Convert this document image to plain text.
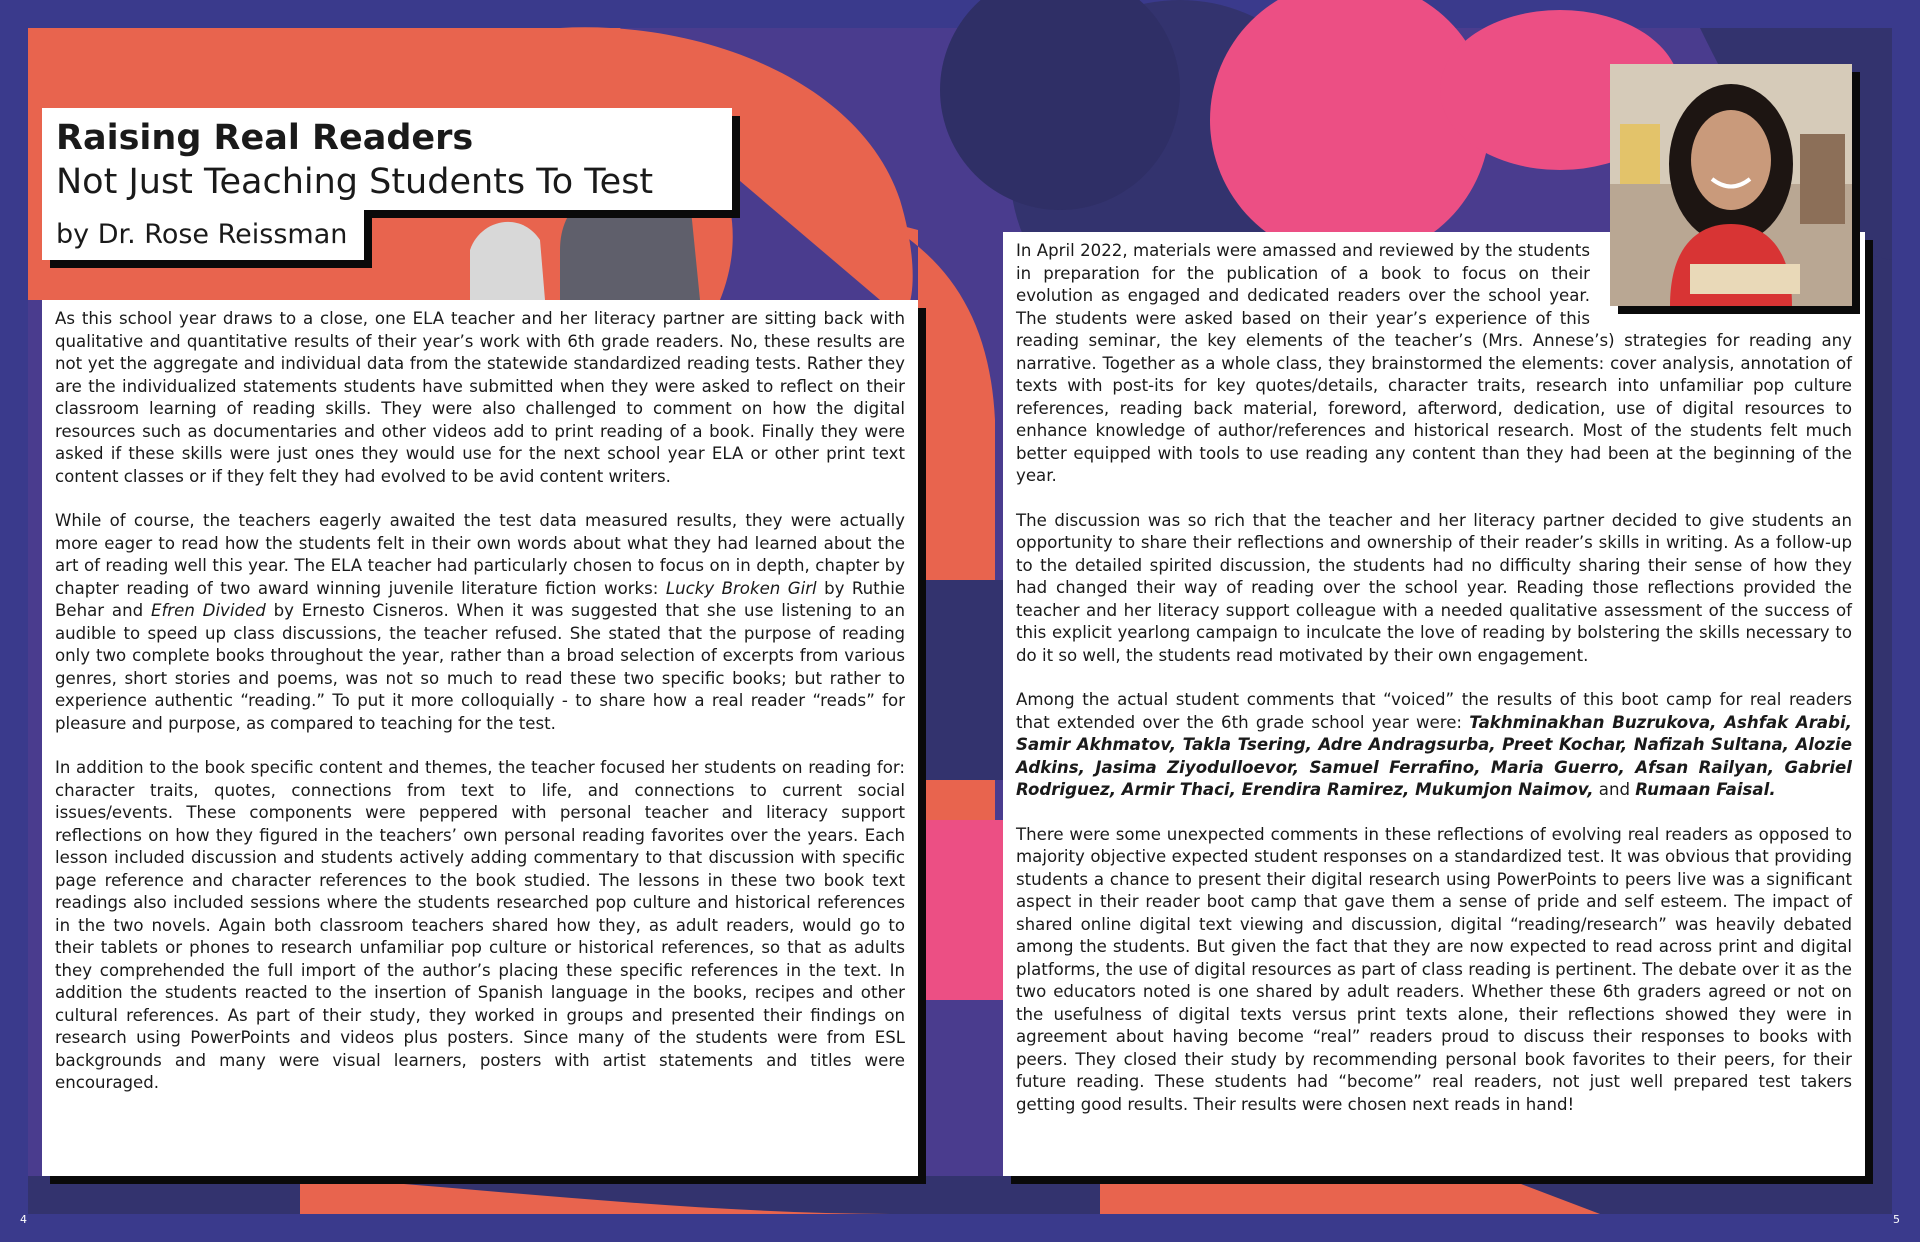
Raising Real Readers
Not Just Teaching Students To Test
by Dr. Rose Reissman

As this school year draws to a close, one ELA teacher and her literacy partner are sitting back with qualitative and quantitative results of their year’s work with 6th grade readers. No, these results are not yet the aggregate and individual data from the statewide standardized reading tests. Rather they are the individualized statements students have submitted when they were asked to reflect on their classroom learning of reading skills. They were also challenged to comment on how the digital resources such as documentaries and other videos add to print reading of a book. Finally they were asked if these skills were just ones they would use for the next school year ELA or other print text content classes or if they felt they had evolved to be avid content writers.

While of course, the teachers eagerly awaited the test data measured results, they were actually more eager to read how the students felt in their own words about what they had learned about the art of reading well this year. The ELA teacher had particularly chosen to focus on in depth, chapter by chapter reading of two award winning juvenile literature fiction works: Lucky Broken Girl by Ruthie Behar and Efren Divided by Ernesto Cisneros. When it was suggested that she use listening to an audible to speed up class discussions, the teacher refused. She stated that the purpose of reading only two complete books throughout the year, rather than a broad selection of excerpts from various genres, short stories and poems, was not so much to read these two specific books; but rather to experience authentic “reading.” To put it more colloquially - to share how a real reader “reads” for pleasure and purpose, as compared to teaching for the test.

In addition to the book specific content and themes, the teacher focused her students on reading for: character traits, quotes, connections from text to life, and connections to current social issues/events. These components were peppered with personal teacher and literacy support reflections on how they figured in the teachers’ own personal reading favorites over the years. Each lesson included discussion and students actively adding commentary to that discussion with specific page reference and character references to the book studied. The lessons in these two book text readings also included sessions where the students researched pop culture and historical references in the two novels. Again both classroom teachers shared how they, as adult readers, would go to their tablets or phones to research unfamiliar pop culture or historical references, so that as adults they comprehended the full import of the author’s placing these specific references in the text. In addition the students reacted to the insertion of Spanish language in the books, recipes and other cultural references. As part of their study, they worked in groups and presented their findings on research using PowerPoints and videos plus posters. Since many of the students were from ESL backgrounds and many were visual learners, posters with artist statements and titles were encouraged.

In April 2022, materials were amassed and reviewed by the students in preparation for the publication of a book to focus on their evolution as engaged and dedicated readers over the school year. The students were asked based on their year’s experience of this reading seminar, the key elements of the teacher’s (Mrs. Annese’s) strategies for reading any narrative. Together as a whole class, they brainstormed the elements: cover analysis, annotation of texts with post-its for key quotes/details, character traits, research into unfamiliar pop culture references, reading back material, foreword, afterword, dedication, use of digital resources to enhance knowledge of author/references and historical research. Most of the students felt much better equipped with tools to use reading any content than they had been at the beginning of the year.

The discussion was so rich that the teacher and her literacy partner decided to give students an opportunity to share their reflections and ownership of their reader’s skills in writing. As a follow-up to the detailed spirited discussion, the students had no difficulty sharing their sense of how they had changed their way of reading over the school year. Reading those reflections provided the teacher and her literacy support colleague with a needed qualitative assessment of the success of this explicit yearlong campaign to inculcate the love of reading by bolstering the skills necessary to do it so well, the students read motivated by their own engagement.

Among the actual student comments that “voiced” the results of this boot camp for real readers that extended over the 6th grade school year were: Takhminakhan Buzrukova, Ashfak Arabi, Samir Akhmatov, Takla Tsering, Adre Andragsurba, Preet Kochar, Nafizah Sultana, Alozie Adkins, Jasima Ziyodulloevor, Samuel Ferrafino, Maria Guerro, Afsan Railyan, Gabriel Rodriguez, Armir Thaci, Erendira Ramirez, Mukumjon Naimov, and Rumaan Faisal.

There were some unexpected comments in these reflections of evolving real readers as opposed to majority objective expected student responses on a standardized test. It was obvious that providing students a chance to present their digital research using PowerPoints to peers live was a significant aspect in their reader boot camp that gave them a sense of pride and self esteem. The impact of shared online digital text viewing and discussion, digital “reading/research” was heavily debated among the students. But given the fact that they are now expected to read across print and digital platforms, the use of digital resources as part of class reading is pertinent. The debate over it as the two educators noted is one shared by adult readers. Whether these 6th graders agreed or not on the usefulness of digital texts versus print texts alone, their reflections showed they were in agreement about having become “real” readers proud to discuss their responses to books with peers. They closed their study by recommending personal book favorites to their peers, for their future reading. These students had “become” real readers, not just well prepared test takers getting good results. Their results were chosen next reads in hand!

4	5
